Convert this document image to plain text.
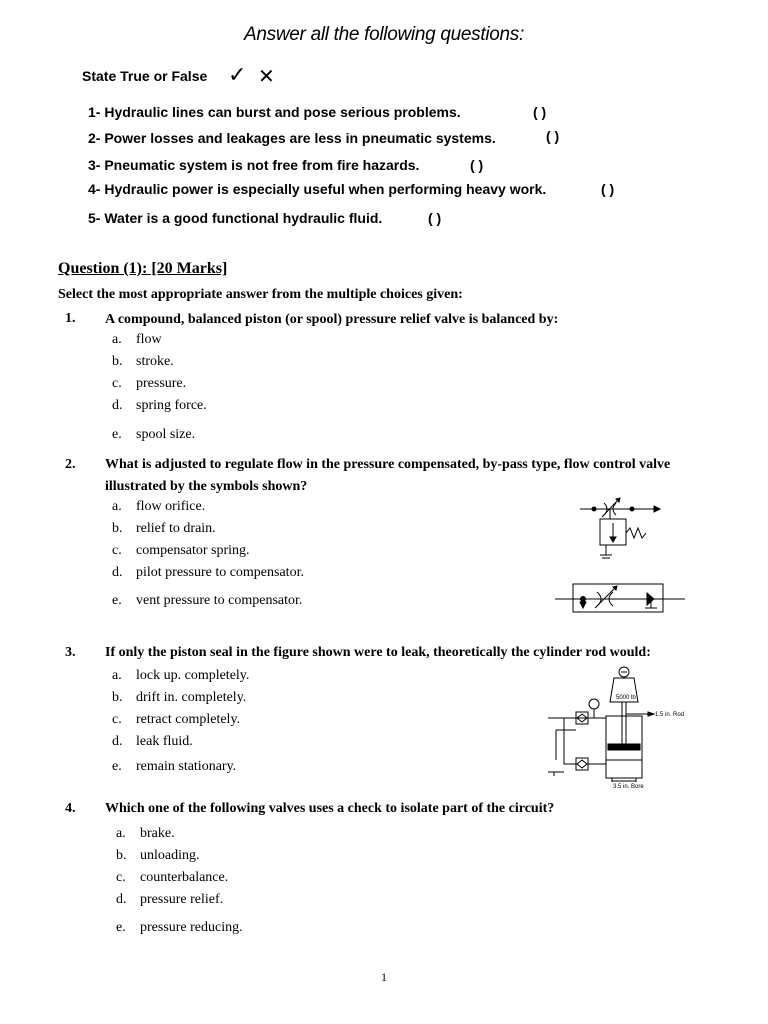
Answer all the following questions:
State True or False ✓ ✕
1- Hydraulic lines can burst and pose serious problems.	( )
2- Power losses and leakages are less in pneumatic systems.	( )
3- Pneumatic system is not free from fire hazards.	( )
4- Hydraulic power is especially useful when performing heavy work.	( )
5- Water is a good functional hydraulic fluid.	( )
Question (1): [20 Marks]
Select the most appropriate answer from the multiple choices given:
1. A compound, balanced piston (or spool) pressure relief valve is balanced by:
a. flow
b. stroke.
c. pressure.
d. spring force.
e. spool size.
2. What is adjusted to regulate flow in the pressure compensated, by-pass type, flow control valve illustrated by the symbols shown?
a. flow orifice.
b. relief to drain.
c. compensator spring.
d. pilot pressure to compensator.
e. vent pressure to compensator.
3. If only the piston seal in the figure shown were to leak, theoretically the cylinder rod would:
a. lock up. completely.
b. drift in. completely.
c. retract completely.
d. leak fluid.
e. remain stationary.
5000 lb
1.5 in. Rod
3.5 in. Bore
4. Which one of the following valves uses a check to isolate part of the circuit?
a. brake.
b. unloading.
c. counterbalance.
d. pressure relief.
e. pressure reducing.
1
